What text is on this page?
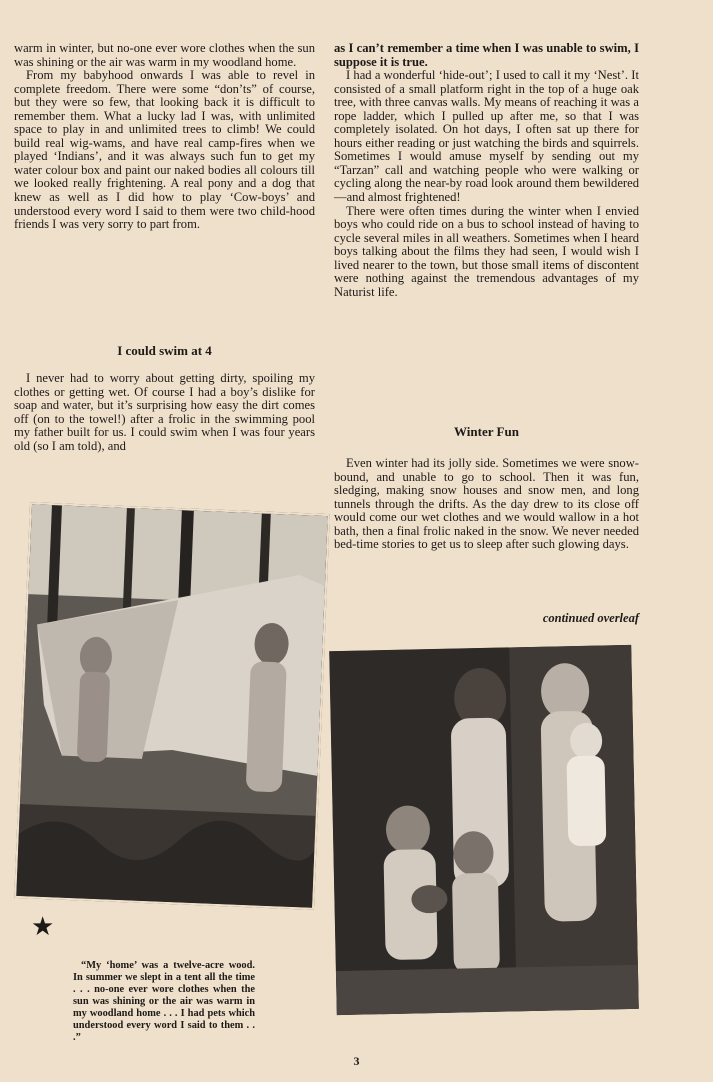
warm in winter, but no-one ever wore clothes when the sun was shining or the air was warm in my woodland home.

From my babyhood onwards I was able to revel in complete freedom. There were some “don’ts” of course, but they were so few, that looking back it is difficult to remember them. What a lucky lad I was, with unlimited space to play in and unlimited trees to climb! We could build real wig-wams, and have real camp-fires when we played ‘Indians’, and it was always such fun to get my water colour box and paint our naked bodies all colours till we looked really frightening. A real pony and a dog that knew as well as I did how to play ‘Cow-boys’ and understood every word I said to them were two child-hood friends I was very sorry to part from.

I could swim at 4

I never had to worry about getting dirty, spoiling my clothes or getting wet. Of course I had a boy’s dislike for soap and water, but it’s surprising how easy the dirt comes off (on to the towel!) after a frolic in the swimming pool my father built for us. I could swim when I was four years old (so I am told), and

as I can’t remember a time when I was unable to swim, I suppose it is true.

I had a wonderful ‘hide-out’; I used to call it my ‘Nest’. It consisted of a small platform right in the top of a huge oak tree, with three canvas walls. My means of reaching it was a rope ladder, which I pulled up after me, so that I was completely isolated. On hot days, I often sat up there for hours either reading or just watching the birds and squirrels. Sometimes I would amuse myself by sending out my “Tarzan” call and watching people who were walking or cycling along the near-by road look around them bewildered—and almost frightened!

There were often times during the winter when I envied boys who could ride on a bus to school instead of having to cycle several miles in all weathers. Sometimes when I heard boys talking about the films they had seen, I would wish I lived nearer to the town, but those small items of discontent were nothing against the tremendous advantages of my Naturist life.

Winter Fun

Even winter had its jolly side. Sometimes we were snow-bound, and unable to go to school. Then it was fun, sledging, making snow houses and snow men, and long tunnels through the drifts. As the day drew to its close off would come our wet clothes and we would wallow in a hot bath, then a final frolic naked in the snow. We never needed bed-time stories to get us to sleep after such glowing days.

continued overleaf
★
“My ‘home’ was a twelve-acre wood. In summer we slept in a tent all the time . . . no-one ever wore clothes when the sun was shining or the air was warm in my woodland home . . . I had pets which understood every word I said to them . . .”
3
